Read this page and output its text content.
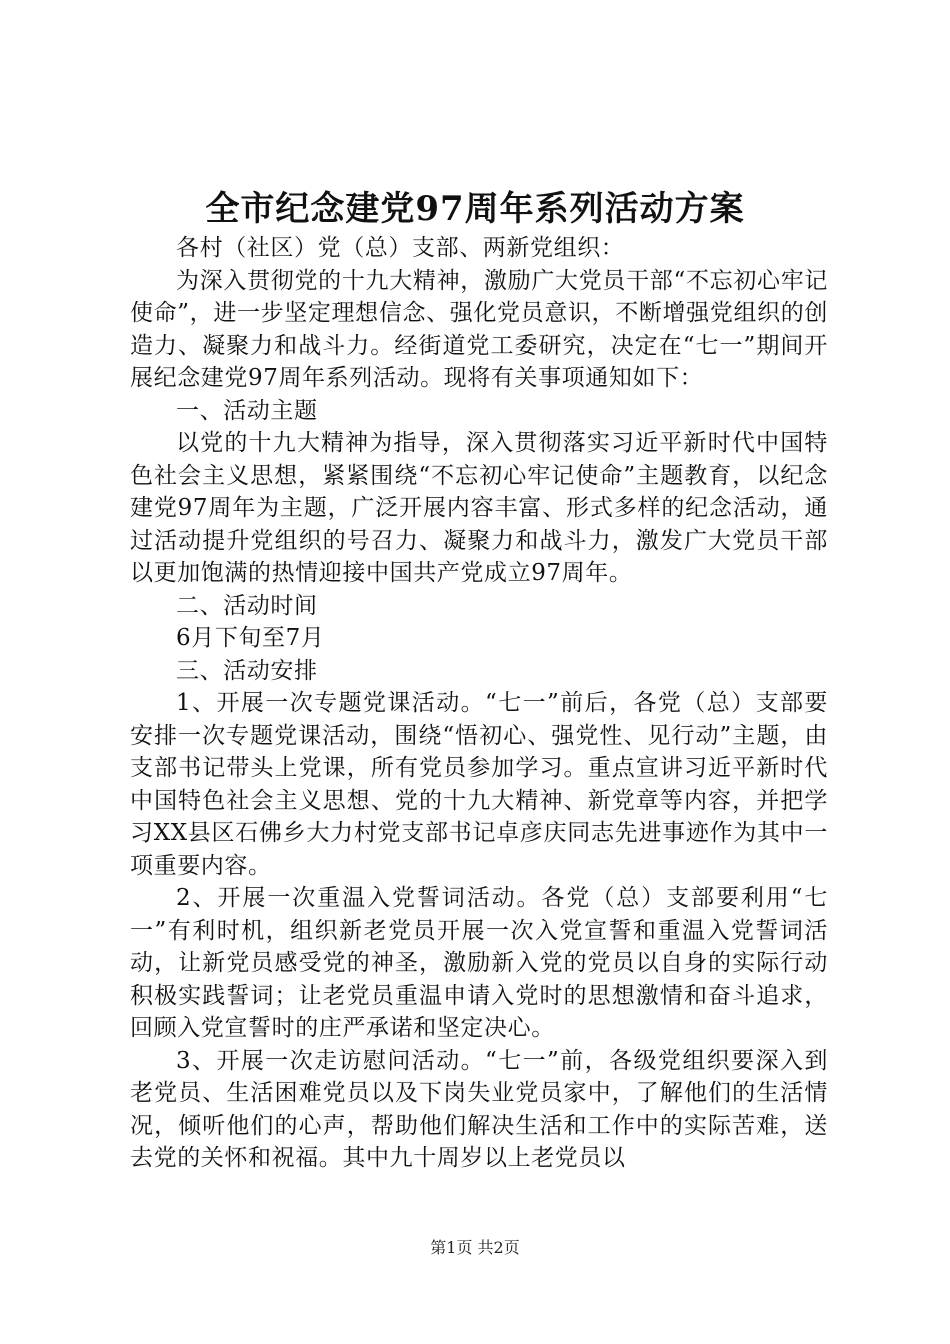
全市纪念建党97周年系列活动方案

各村（社区）党（总）支部、两新党组织：

为深入贯彻党的十九大精神，激励广大党员干部“不忘初心牢记使命”，进一步坚定理想信念、强化党员意识，不断增强党组织的创造力、凝聚力和战斗力。经街道党工委研究，决定在“七一”期间开展纪念建党97周年系列活动。现将有关事项通知如下：

一、活动主题

以党的十九大精神为指导，深入贯彻落实习近平新时代中国特色社会主义思想，紧紧围绕“不忘初心牢记使命”主题教育，以纪念建党97周年为主题，广泛开展内容丰富、形式多样的纪念活动，通过活动提升党组织的号召力、凝聚力和战斗力，激发广大党员干部以更加饱满的热情迎接中国共产党成立97周年。

二、活动时间

6月下旬至7月

三、活动安排

1、开展一次专题党课活动。“七一”前后，各党（总）支部要安排一次专题党课活动，围绕“悟初心、强党性、见行动”主题，由支部书记带头上党课，所有党员参加学习。重点宣讲习近平新时代中国特色社会主义思想、党的十九大精神、新党章等内容，并把学习XX县区石佛乡大力村党支部书记卓彦庆同志先进事迹作为其中一项重要内容。

2、开展一次重温入党誓词活动。各党（总）支部要利用“七一”有利时机，组织新老党员开展一次入党宣誓和重温入党誓词活动，让新党员感受党的神圣，激励新入党的党员以自身的实际行动积极实践誓词；让老党员重温申请入党时的思想激情和奋斗追求，回顾入党宣誓时的庄严承诺和坚定决心。

3、开展一次走访慰问活动。“七一”前，各级党组织要深入到老党员、生活困难党员以及下岗失业党员家中，了解他们的生活情况，倾听他们的心声，帮助他们解决生活和工作中的实际苦难，送去党的关怀和祝福。其中九十周岁以上老党员以

第1页 共2页
